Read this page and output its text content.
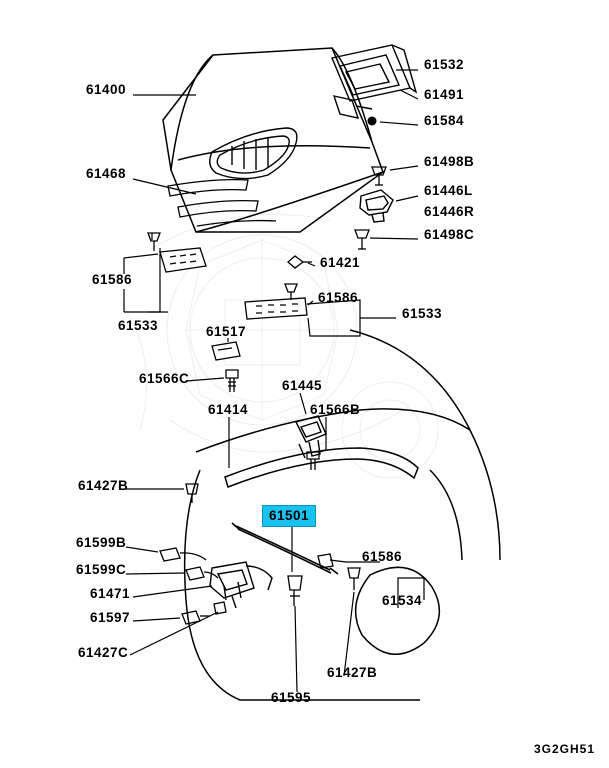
61400
61532
61491
61584
61468
61498B
61446L
61446R
61498C
61421
61586
61586
61533
61533
61517
61566C	61445
61414	61566B
61427B
61501
61586
61599B
61599C
61471
61597
61534
61427C
61427B
61595
3G2GH51
